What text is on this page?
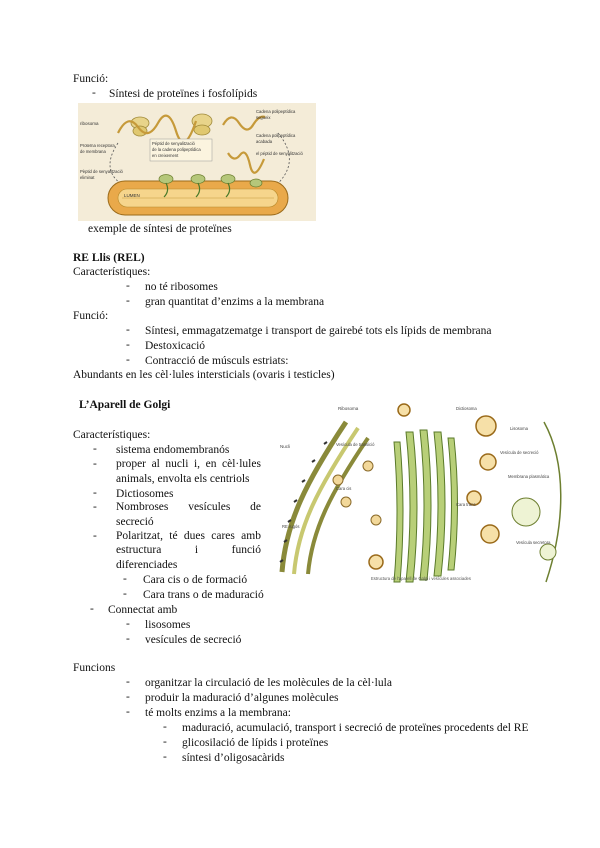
Funció:
- Síntesi de proteïnes i fosfolípids
Péptid de senyalització
de la cadena polipeptídica
en creixement
ribosoma
Proteïna receptora
de membrana
Pèptid de senyalització
eliminat
Cadena polipeptídica
segueix
Cadena polipeptídica
acabada
el péptid de senyalització
LUMEN
exemple de síntesi de proteïnes
RE Llis (REL)
Característiques:
- no té ribosomes
- gran quantitat d’enzims a la membrana
Funció:
- Síntesi, emmagatzematge i transport de gairebé tots els lípids de membrana
- Destoxicació
- Contracció de músculs estriats:
Abundants en les cèl·lules intersticials (ovaris i testicles)
L’Aparell de Golgi
Característiques:
- sistema endomembranós
- proper al nucli i, en cèl·lules
animals, envolta els centriols
- Dictiosomes
- Nombroses vesícules de
secreció
- Polaritzat, té dues cares amb
estructura	i	funció
diferenciades
- Cara cis o de formació
- Cara trans o de maduració
- Connectat amb
- lisosomes
- vesícules de secreció
Ribosoma
Nucli	Vesícula de transició
Cara cis
RE rugós
Dictiosoma
Lisosoma
Vesícula de secreció
Cara trans
Vesícula secretora
Membrana plasmàtica
Estructura de l'aparell de Golgi i vesícules associades
Funcions
- organitzar la circulació de les molècules de la cèl·lula
- produir la maduració d’algunes molècules
- té molts enzims a la membrana:
- maduració, acumulació, transport i secreció de proteïnes procedents del RE
- glicosilació de lípids i proteïnes
- síntesi d’oligosacàrids
